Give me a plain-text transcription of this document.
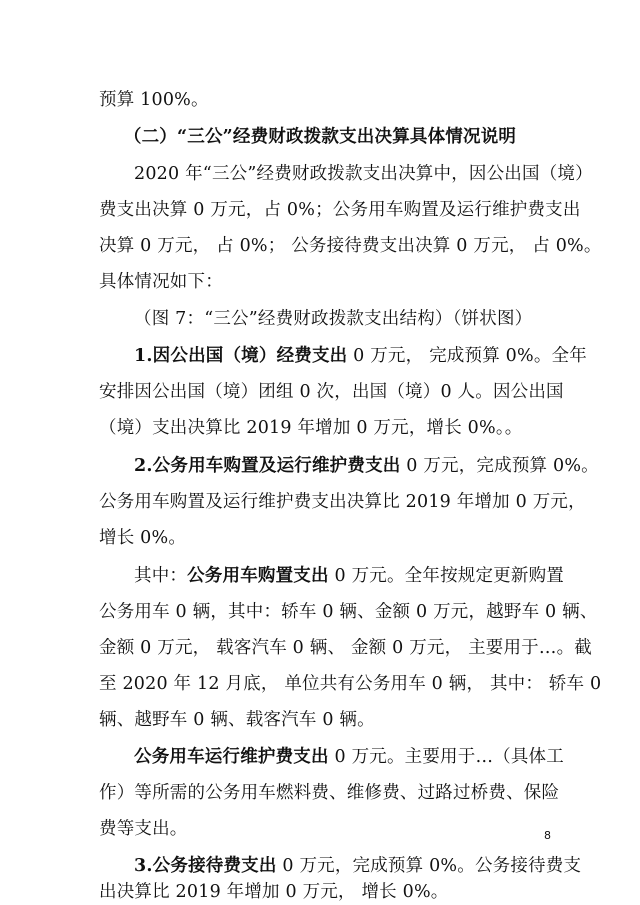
预算 100%。
（二）“三公”经费财政拨款支出决算具体情况说明
2020 年“三公”经费财政拨款支出决算中，因公出国（境）
费支出决算 0 万元，占 0%；公务用车购置及运行维护费支出
决算 0 万元， 占 0%； 公务接待费支出决算 0 万元， 占 0%。
具体情况如下：
（图 7：“三公”经费财政拨款支出结构）（饼状图）
1.因公出国（境）经费支出 0 万元， 完成预算 0%。全年
安排因公出国（境）团组 0 次，出国（境）0 人。因公出国
（境）支出决算比 2019 年增加 0 万元，增长 0%。。
2.公务用车购置及运行维护费支出 0 万元，完成预算 0%。
公务用车购置及运行维护费支出决算比 2019 年增加 0 万元，
增长 0%。
其中：公务用车购置支出 0 万元。全年按规定更新购置
公务用车 0 辆，其中：轿车 0 辆、金额 0 万元，越野车 0 辆、
金额 0 万元， 载客汽车 0 辆、 金额 0 万元， 主要用于…。截
至 2020 年 12 月底， 单位共有公务用车 0 辆， 其中： 轿车 0
辆、越野车 0 辆、载客汽车 0 辆。
公务用车运行维护费支出 0 万元。主要用于…（具体工
作）等所需的公务用车燃料费、维修费、过路过桥费、保险
费等支出。
3.公务接待费支出 0 万元，完成预算 0%。公务接待费支
出决算比 2019 年增加 0 万元， 增长 0%。
8
